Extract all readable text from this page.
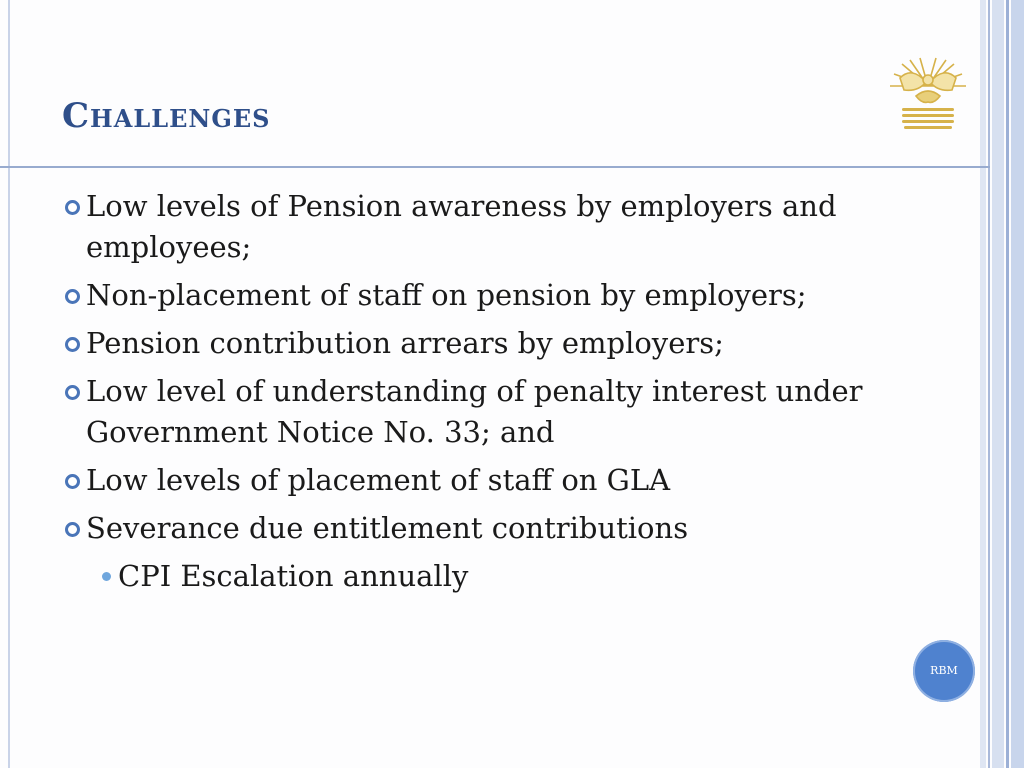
Challenges
Low levels of Pension awareness by employers and employees;
Non-placement of staff on pension by employers;
Pension contribution arrears by employers;
Low level of understanding of penalty interest under Government Notice No. 33; and
Low levels of placement of staff on GLA
Severance due entitlement contributions
CPI Escalation annually
RBM
